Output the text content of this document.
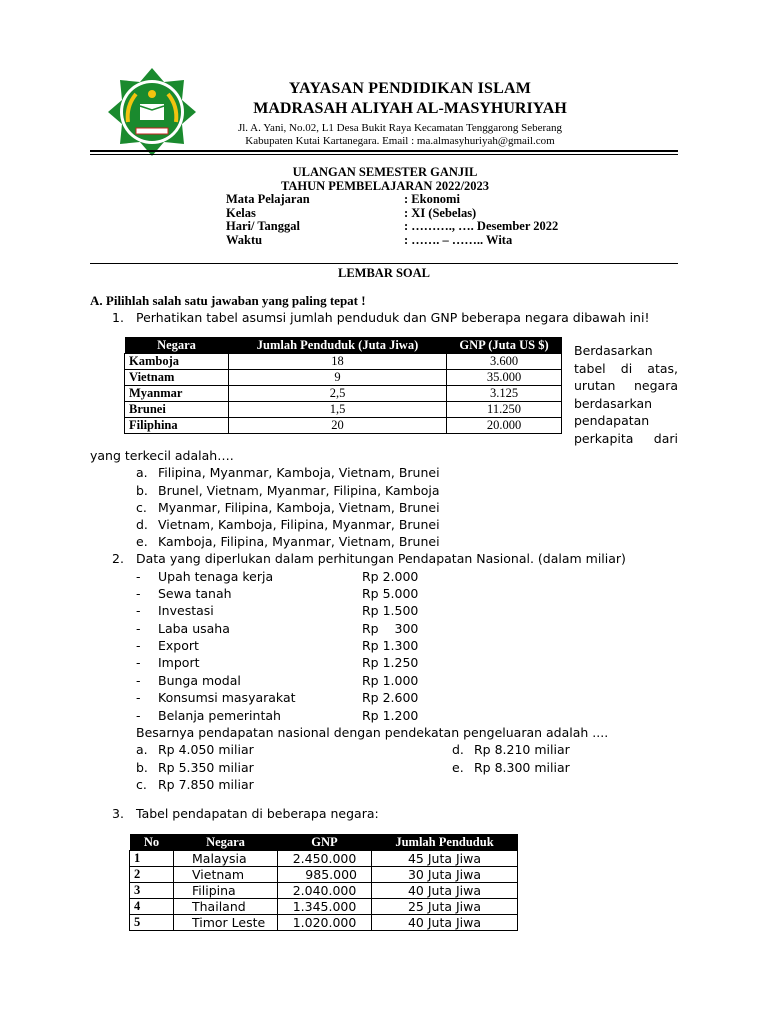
YAYASAN PENDIDIKAN ISLAM
MADRASAH ALIYAH AL-MASYHURIYAH
Jl. A. Yani, No.02, L1 Desa Bukit Raya Kecamatan Tenggarong Seberang
Kabupaten Kutai Kartanegara. Email : ma.almasyhuriyah@gmail.com
ULANGAN SEMESTER GANJIL
TAHUN PEMBELAJARAN 2022/2023
Mata Pelajaran	: Ekonomi
Kelas	: XI (Sebelas)
Hari/ Tanggal	: ………., …. Desember 2022
Waktu	: ……. – …….. Wita
LEMBAR SOAL
A. Pilihlah salah satu jawaban yang paling tepat !
1. Perhatikan tabel asumsi jumlah penduduk dan GNP beberapa negara dibawah ini!
Negara	Jumlah Penduduk (Juta Jiwa)	GNP (Juta US $)
Kamboja	18	3.600
Vietnam	9	35.000
Myanmar	2,5	3.125
Brunei	1,5	11.250
Filiphina	20	20.000
Berdasarkan
tabel di atas,
urutan negara
berdasarkan
pendapatan
perkapita dari
yang terkecil adalah….
a. Filipina, Myanmar, Kamboja, Vietnam, Brunei
b. Brunel, Vietnam, Myanmar, Filipina, Kamboja
c. Myanmar, Filipina, Kamboja, Vietnam, Brunei
d. Vietnam, Kamboja, Filipina, Myanmar, Brunei
e. Kamboja, Filipina, Myanmar, Vietnam, Brunei
2. Data yang diperlukan dalam perhitungan Pendapatan Nasional. (dalam miliar)
- Upah tenaga kerja	Rp 2.000
- Sewa tanah	Rp 5.000
- Investasi	Rp 1.500
- Laba usaha	Rp    300
- Export	Rp 1.300
- Import	Rp 1.250
- Bunga modal	Rp 1.000
- Konsumsi masyarakat	Rp 2.600
- Belanja pemerintah	Rp 1.200
Besarnya pendapatan nasional dengan pendekatan pengeluaran adalah ....
a. Rp 4.050 miliar
b. Rp 5.350 miliar
c. Rp 7.850 miliar
d. Rp 8.210 miliar
e. Rp 8.300 miliar
3. Tabel pendapatan di beberapa negara:
No	Negara	GNP	Jumlah Penduduk
1	Malaysia	2.450.000	45 Juta Jiwa
2	Vietnam	985.000	30 Juta Jiwa
3	Filipina	2.040.000	40 Juta Jiwa
4	Thailand	1.345.000	25 Juta Jiwa
5	Timor Leste	1.020.000	40 Juta Jiwa
